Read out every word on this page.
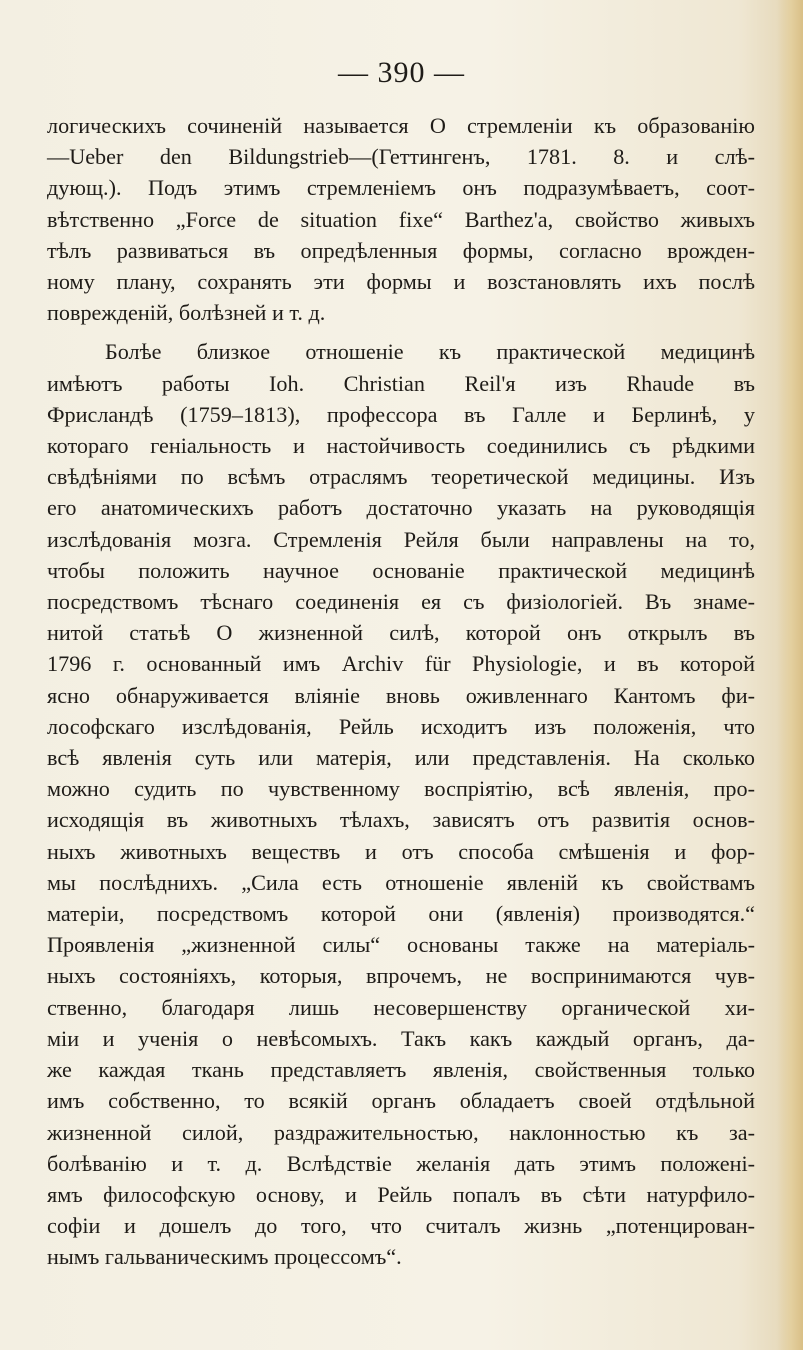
— 390 —

логическихъ сочиненій называется О стремленіи къ образованію

—Ueber den Bildungstrieb—(Геттингенъ, 1781. 8. и слѣ-

дующ.). Подъ этимъ стремленіемъ онъ подразумѣваетъ, соот-

вѣтственно „Force de situation fixe“ Barthez'а, свойство живыхъ

тѣлъ развиваться въ опредѣленныя формы, согласно врожден-

ному плану, сохранять эти формы и возстановлять ихъ послѣ

поврежденій, болѣзней и т. д.

Болѣе близкое отношеніе къ практической медицинѣ

имѣютъ работы Ioh. Christian Reil'я изъ Rhaude въ

Фрисландѣ (1759–1813), профессора въ Галле и Берлинѣ, у

котораго геніальность и настойчивость соединились съ рѣдкими

свѣдѣніями по всѣмъ отраслямъ теоретической медицины. Изъ

его анатомическихъ работъ достаточно указать на руководящія

изслѣдованія мозга. Стремленія Рейля были направлены на то,

чтобы положить научное основаніе практической медицинѣ

посредствомъ тѣснаго соединенія ея съ физіологіей. Въ знаме-

нитой статьѣ О жизненной силѣ, которой онъ открылъ въ

1796 г. основанный имъ Archiv für Physiologie, и въ которой

ясно обнаруживается вліяніе вновь оживленнаго Кантомъ фи-

лософскаго изслѣдованія, Рейль исходитъ изъ положенія, что

всѣ явленія суть или матерія, или представленія. На сколько

можно судить по чувственному воспріятію, всѣ явленія, про-

исходящія въ животныхъ тѣлахъ, зависятъ отъ развитія основ-

ныхъ животныхъ веществъ и отъ способа смѣшенія и фор-

мы послѣднихъ. „Сила есть отношеніе явленій къ свойствамъ

матеріи, посредствомъ которой они (явленія) производятся.“

Проявленія „жизненной силы“ основаны также на матеріаль-

ныхъ состояніяхъ, которыя, впрочемъ, не воспринимаются чув-

ственно, благодаря лишь несовершенству органической хи-

міи и ученія о невѣсомыхъ. Такъ какъ каждый органъ, да-

же каждая ткань представляетъ явленія, свойственныя только

имъ собственно, то всякій органъ обладаетъ своей отдѣльной

жизненной силой, раздражительностью, наклонностью къ за-

болѣванію и т. д. Вслѣдствіе желанія дать этимъ положені-

ямъ философскую основу, и Рейль попалъ въ сѣти натурфило-

софіи и дошелъ до того, что считалъ жизнь „потенцирован-

нымъ гальваническимъ процессомъ“.
